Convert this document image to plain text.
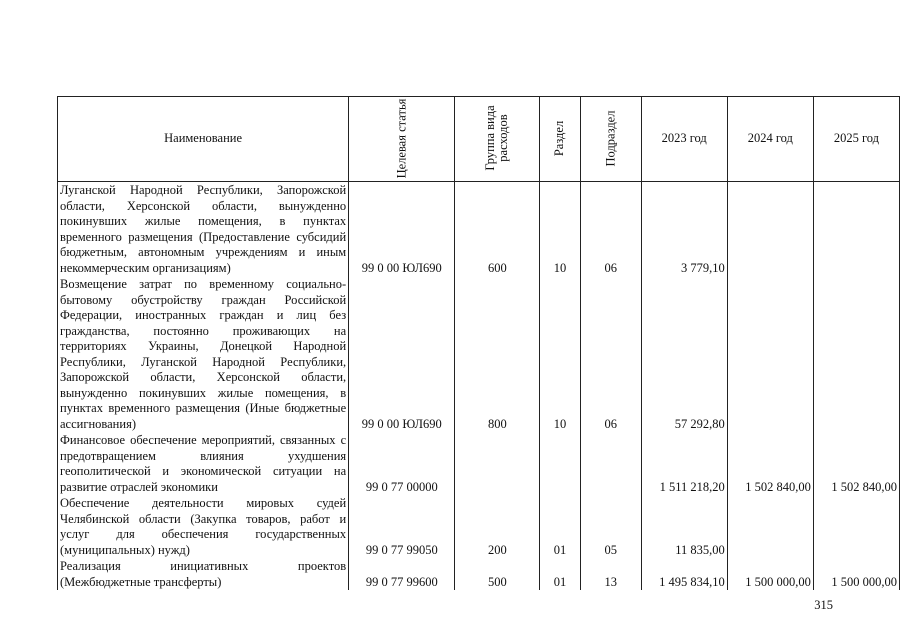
Наименование	Целевая статья	Группа вида расходов	Раздел	Подраздел	2023 год	2024 год	2025 год
Луганской Народной Республики, Запорожской области, Херсонской области, вынужденно покинувших жилые помещения, в пунктах временного размещения (Предоставление субсидий бюджетным, автономным учреждениям и иным некоммерческим организациям)	99 0 00 ЮЛ690	600	10	06	3 779,10		
Возмещение затрат по временному социально-бытовому обустройству граждан Российской Федерации, иностранных граждан и лиц без гражданства, постоянно проживающих на территориях Украины, Донецкой Народной Республики, Луганской Народной Республики, Запорожской области, Херсонской области, вынужденно покинувших жилые помещения, в пунктах временного размещения (Иные бюджетные ассигнования)	99 0 00 ЮЛ690	800	10	06	57 292,80		
Финансовое обеспечение мероприятий, связанных с предотвращением влияния ухудшения геополитической и экономической ситуации на развитие отраслей экономики	99 0 77 00000				1 511 218,20	1 502 840,00	1 502 840,00
Обеспечение деятельности мировых судей Челябинской области (Закупка товаров, работ и услуг для обеспечения государственных (муниципальных) нужд)	99 0 77 99050	200	01	05	11 835,00		
Реализация инициативных проектов (Межбюджетные трансферты)	99 0 77 99600	500	01	13	1 495 834,10	1 500 000,00	1 500 000,00
315
